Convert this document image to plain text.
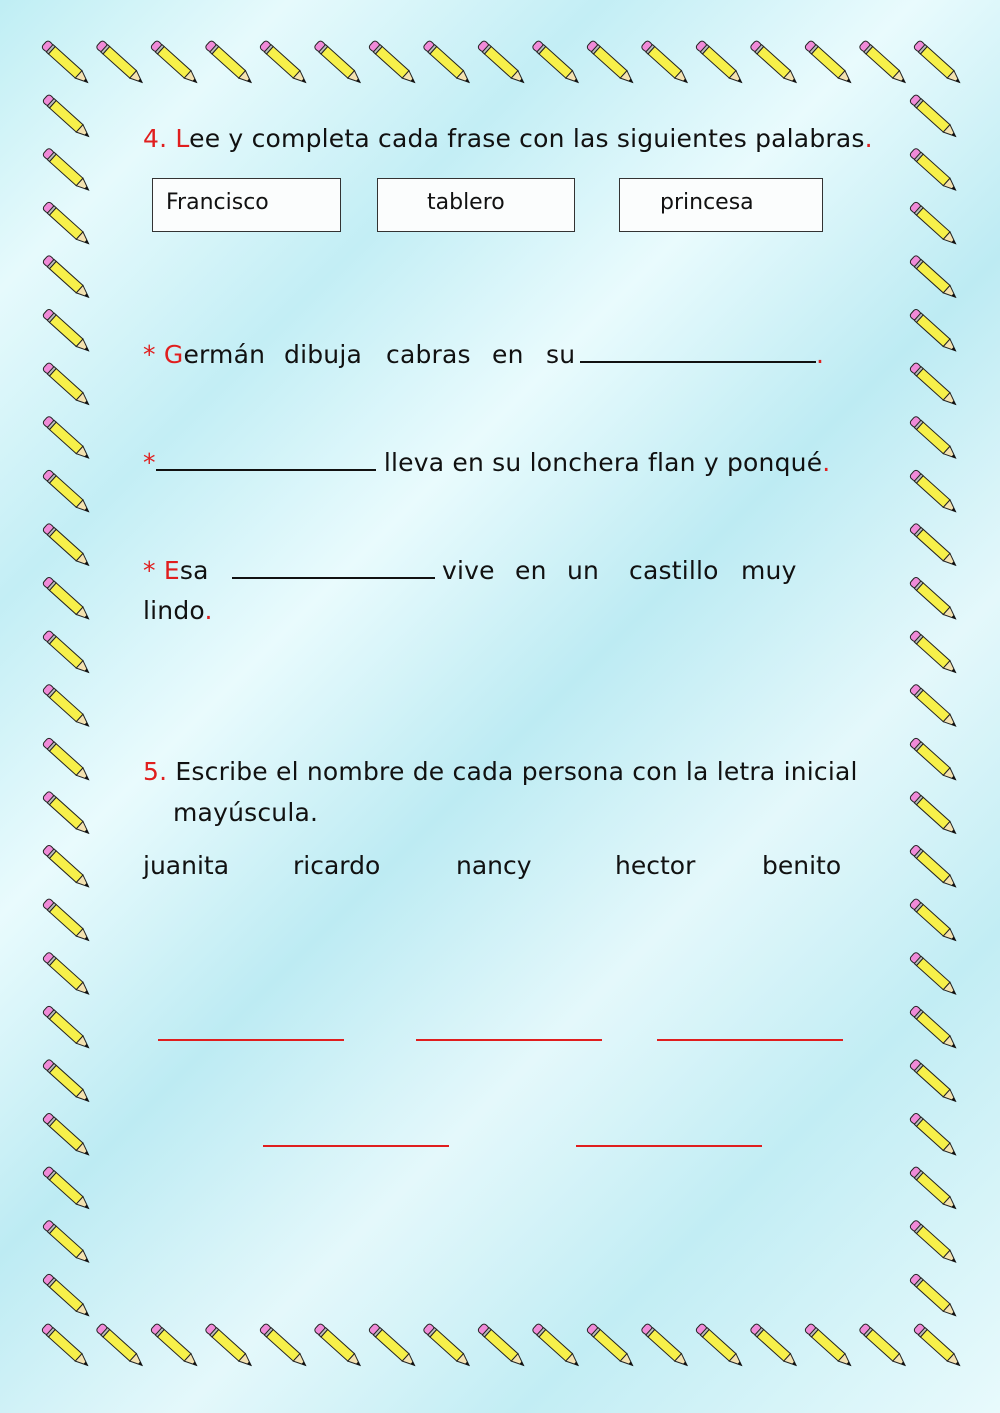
4. Lee y completa cada frase con las siguientes palabras.
Francisco	tablero	princesa
* Germán dibuja cabras en su	.
*	lleva en su lonchera flan y ponqué.
* Esa	vive en un castillo muy
lindo.
5. Escribe el nombre de cada persona con la letra inicial
mayúscula.
juanita	ricardo	nancy	hector	benito
